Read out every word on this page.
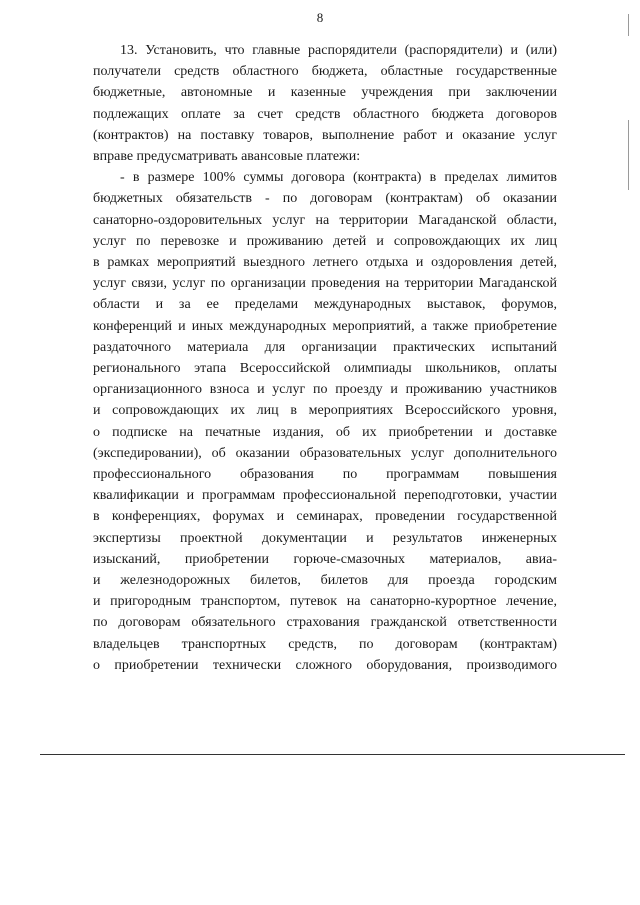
8
13. Установить, что главные распорядители (распорядители) и (или)
получатели средств областного бюджета, областные государственные
бюджетные, автономные и казенные учреждения при заключении
подлежащих оплате за счет средств областного бюджета договоров
(контрактов) на поставку товаров, выполнение работ и оказание услуг
вправе предусматривать авансовые платежи:
- в размере 100% суммы договора (контракта) в пределах лимитов
бюджетных обязательств - по договорам (контрактам) об оказании
санаторно-оздоровительных услуг на территории Магаданской области,
услуг по перевозке и проживанию детей и сопровождающих их лиц
в рамках мероприятий выездного летнего отдыха и оздоровления детей,
услуг связи, услуг по организации проведения на территории Магаданской
области и за ее пределами международных выставок, форумов,
конференций и иных международных мероприятий, а также приобретение
раздаточного материала для организации практических испытаний
регионального этапа Всероссийской олимпиады школьников, оплаты
организационного взноса и услуг по проезду и проживанию участников
и сопровождающих их лиц в мероприятиях Всероссийского уровня,
о подписке на печатные издания, об их приобретении и доставке
(экспедировании), об оказании образовательных услуг дополнительного
профессионального образования по программам повышения
квалификации и программам профессиональной переподготовки, участии
в конференциях, форумах и семинарах, проведении государственной
экспертизы проектной документации и результатов инженерных
изысканий, приобретении горюче-смазочных материалов, авиа-
и железнодорожных билетов, билетов для проезда городским
и пригородным транспортом, путевок на санаторно-курортное лечение,
по договорам обязательного страхования гражданской ответственности
владельцев транспортных средств, по договорам (контрактам)
о приобретении технически сложного оборудования, производимого
